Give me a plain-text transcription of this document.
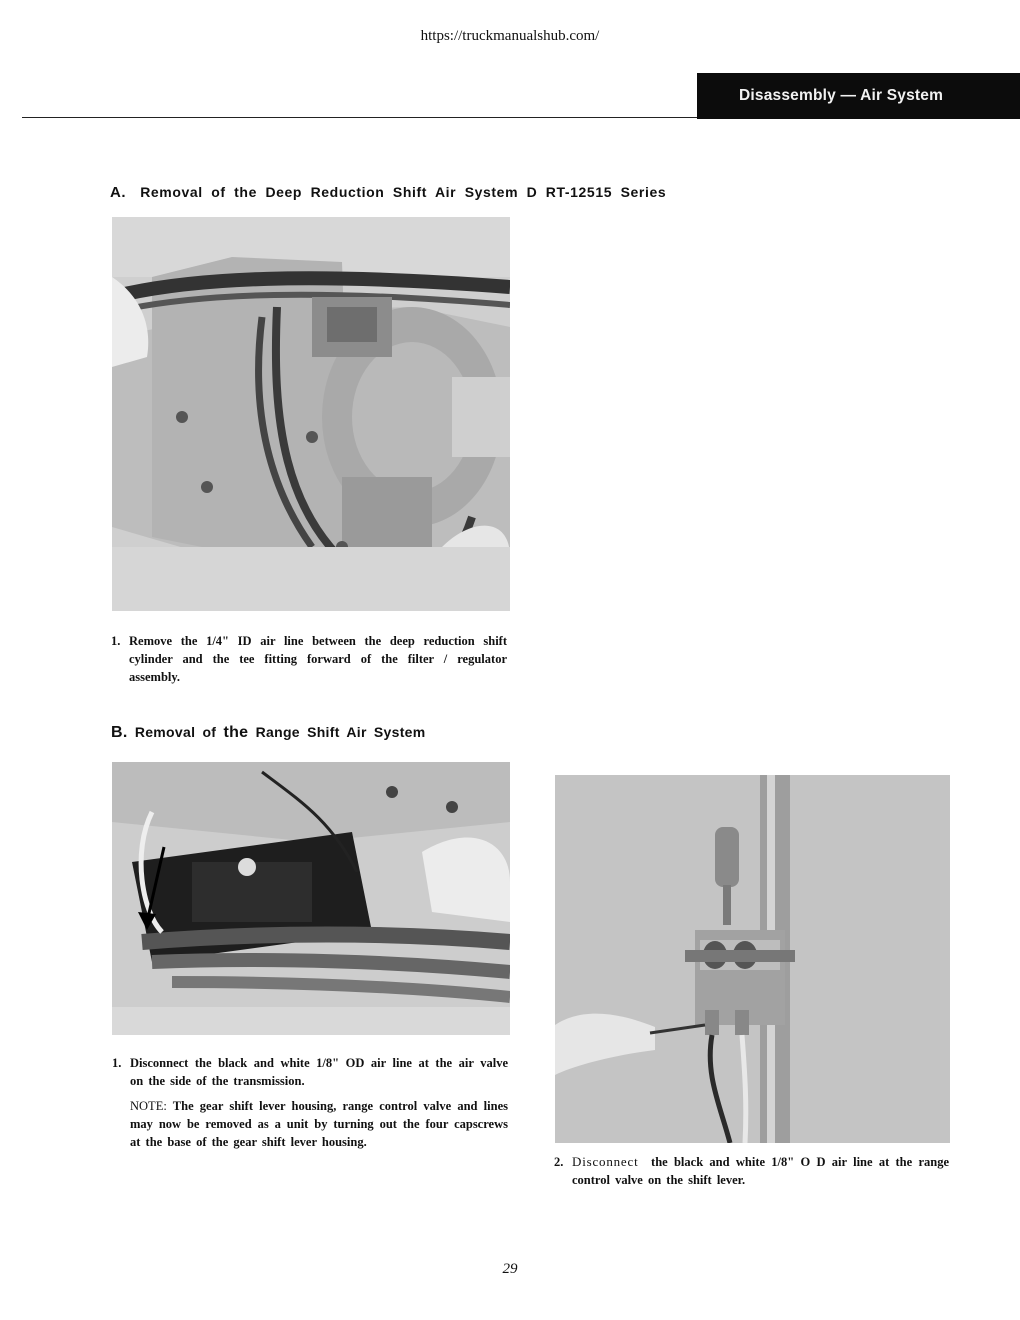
https://truckmanualshub.com/
Disassembly — Air System
A. Removal of the Deep Reduction Shift Air System D RT-12515 Series
1. Remove the 1/4" ID air line between the deep reduction shift cylinder and the tee fitting forward of the filter / regulator assembly.
B. Removal of the Range Shift Air System
1. Disconnect the black and white 1/8" OD air line at the air valve on the side of the transmission.
NOTE: The gear shift lever housing, range control valve and lines may now be removed as a unit by turning out the four capscrews at the base of the gear shift lever housing.
2. Disconnect the black and white 1/8" O D air line at the range control valve on the shift lever.
29
